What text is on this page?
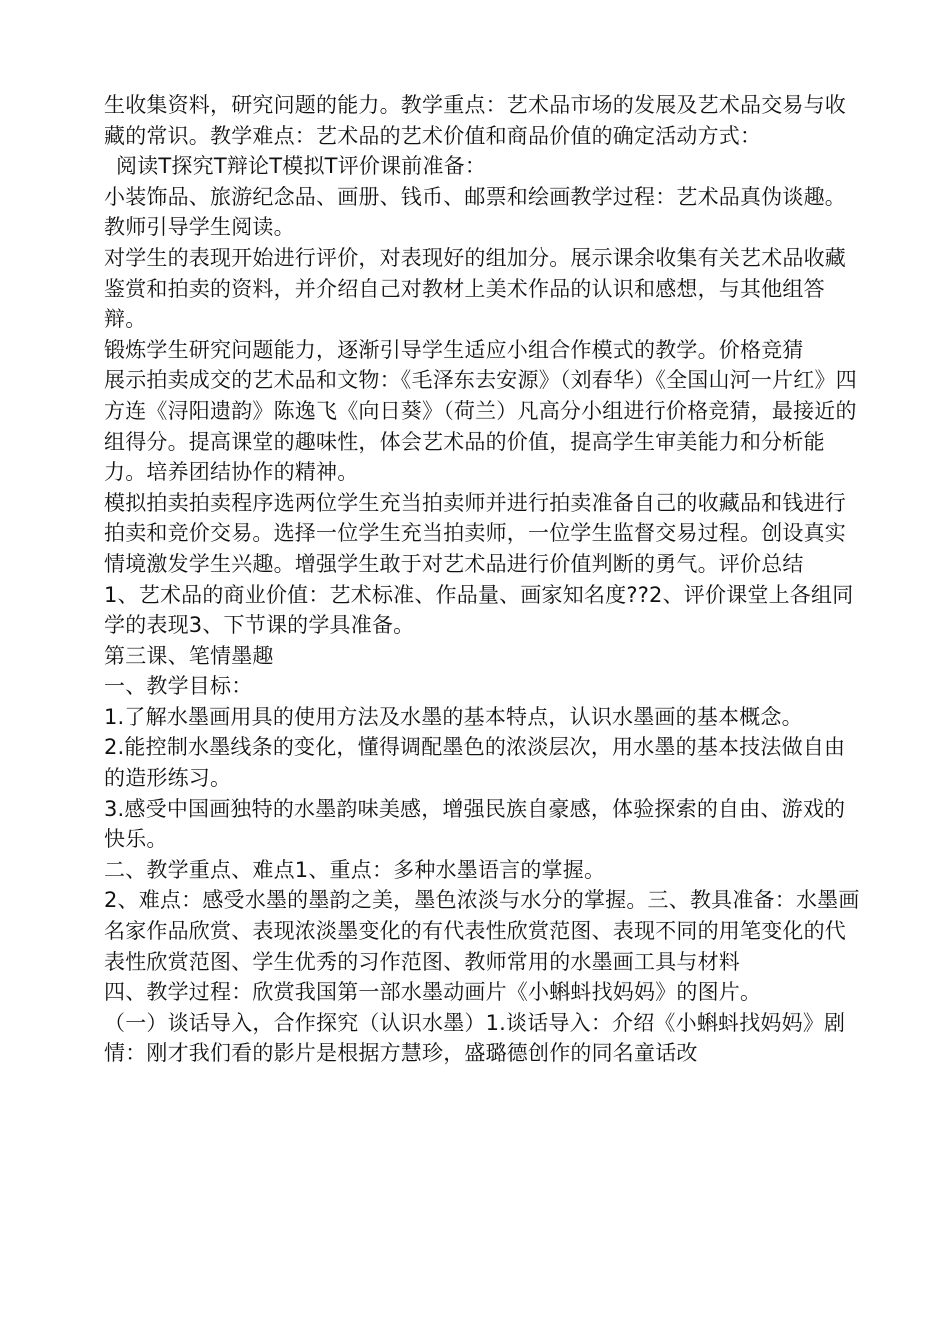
生收集资料，研究问题的能力。教学重点：艺术品市场的发展及艺术品交易与收藏的常识。教学难点：艺术品的艺术价值和商品价值的确定活动方式：

阅读T探究T辩论T模拟T评价课前准备：

小装饰品、旅游纪念品、画册、钱币、邮票和绘画教学过程：艺术品真伪谈趣。教师引导学生阅读。

对学生的表现开始进行评价，对表现好的组加分。展示课余收集有关艺术品收藏鉴赏和拍卖的资料，并介绍自己对教材上美术作品的认识和感想，与其他组答辩。

锻炼学生研究问题能力，逐渐引导学生适应小组合作模式的教学。价格竞猜

展示拍卖成交的艺术品和文物：《毛泽东去安源》（刘春华）《全国山河一片红》四方连《浔阳遗韵》陈逸飞《向日葵》（荷兰）凡高分小组进行价格竞猜，最接近的组得分。提高课堂的趣味性，体会艺术品的价值，提高学生审美能力和分析能力。培养团结协作的精神。

模拟拍卖拍卖程序选两位学生充当拍卖师并进行拍卖准备自己的收藏品和钱进行拍卖和竞价交易。选择一位学生充当拍卖师，一位学生监督交易过程。创设真实情境激发学生兴趣。增强学生敢于对艺术品进行价值判断的勇气。评价总结

1、艺术品的商业价值：艺术标准、作品量、画家知名度??2、评价课堂上各组同学的表现3、下节课的学具准备。

第三课、笔情墨趣

一、教学目标：

1.了解水墨画用具的使用方法及水墨的基本特点，认识水墨画的基本概念。

2.能控制水墨线条的变化，懂得调配墨色的浓淡层次，用水墨的基本技法做自由的造形练习。

3.感受中国画独特的水墨韵味美感，增强民族自豪感，体验探索的自由、游戏的快乐。

二、教学重点、难点1、重点：多种水墨语言的掌握。

2、难点：感受水墨的墨韵之美，墨色浓淡与水分的掌握。三、教具准备：水墨画名家作品欣赏、表现浓淡墨变化的有代表性欣赏范图、表现不同的用笔变化的代表性欣赏范图、学生优秀的习作范图、教师常用的水墨画工具与材料

四、教学过程：欣赏我国第一部水墨动画片《小蝌蚪找妈妈》的图片。

（一）谈话导入，合作探究（认识水墨）1.谈话导入：介绍《小蝌蚪找妈妈》剧情：刚才我们看的影片是根据方慧珍，盛璐德创作的同名童话改
